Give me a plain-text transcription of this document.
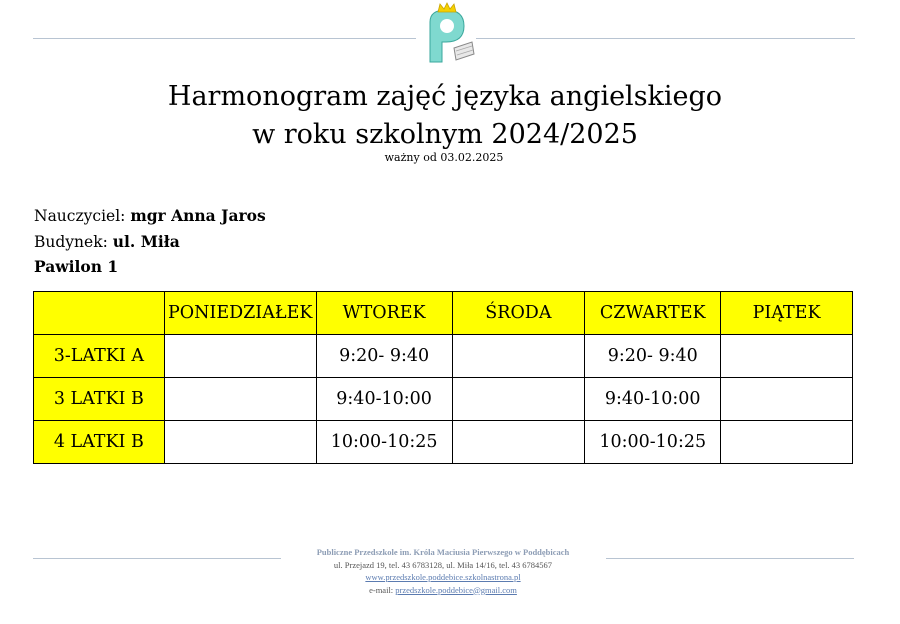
Harmonogram zajęć języka angielskiego
w roku szkolnym 2024/2025
ważny od 03.02.2025
Nauczyciel: mgr Anna Jaros
Budynek: ul. Miła
Pawilon 1
	PONIEDZIAŁEK	WTOREK	ŚRODA	CZWARTEK	PIĄTEK
3-LATKI A		9:20- 9:40		9:20- 9:40	
3 LATKI B		9:40-10:00		9:40-10:00	
4 LATKI B		10:00-10:25		10:00-10:25	
Publiczne Przedszkole im. Króla Maciusia Pierwszego w Poddębicach
ul. Przejazd 19, tel. 43 6783128, ul. Miła 14/16, tel. 43 6784567
www.przedszkole.poddebice.szkolnastrona.pl
e-mail: przedszkole.poddebice@gmail.com
